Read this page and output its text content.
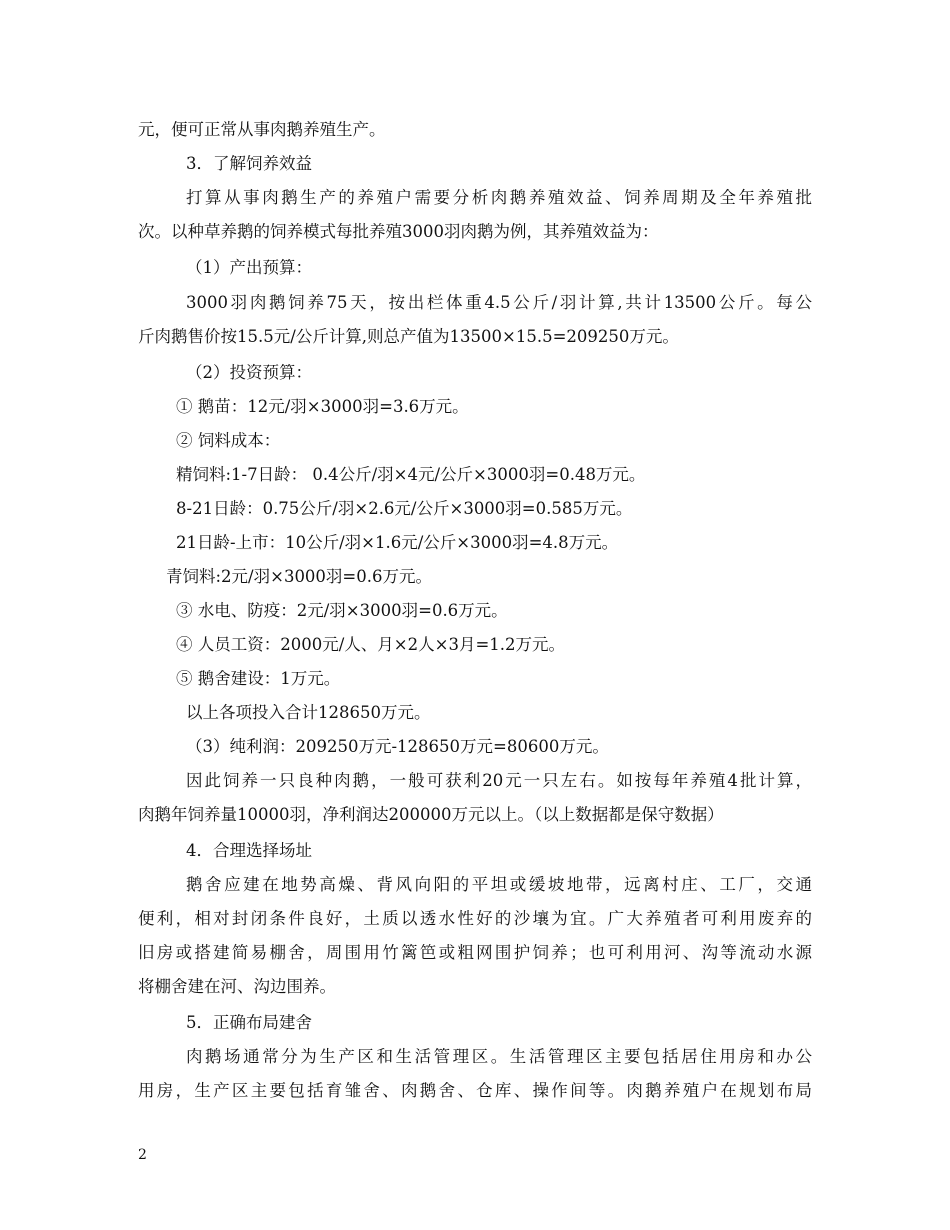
元，便可正常从事肉鹅养殖生产。
3．了解饲养效益
打算从事肉鹅生产的养殖户需要分析肉鹅养殖效益、饲养周期及全年养殖批
次。以种草养鹅的饲养模式每批养殖3000羽肉鹅为例，其养殖效益为：
（1）产出预算：
3000羽肉鹅饲养75天，按出栏体重4.5公斤/羽计算,共计13500公斤。每公
斤肉鹅售价按15.5元/公斤计算,则总产值为13500×15.5=209250万元。
（2）投资预算：
① 鹅苗：12元/羽×3000羽=3.6万元。
② 饲料成本：
精饲料:1-7日龄： 0.4公斤/羽×4元/公斤×3000羽=0.48万元。
8-21日龄：0.75公斤/羽×2.6元/公斤×3000羽=0.585万元。
21日龄-上市：10公斤/羽×1.6元/公斤×3000羽=4.8万元。
青饲料:2元/羽×3000羽=0.6万元。
③ 水电、防疫：2元/羽×3000羽=0.6万元。
④ 人员工资：2000元/人、月×2人×3月=1.2万元。
⑤ 鹅舍建设：1万元。
以上各项投入合计128650万元。
（3）纯利润：209250万元-128650万元=80600万元。
因此饲养一只良种肉鹅，一般可获利20元一只左右。如按每年养殖4批计算，
肉鹅年饲养量10000羽，净利润达200000万元以上。（以上数据都是保守数据）
4．合理选择场址
鹅舍应建在地势高燥、背风向阳的平坦或缓坡地带，远离村庄、工厂，交通
便利，相对封闭条件良好，土质以透水性好的沙壤为宜。广大养殖者可利用废弃的
旧房或搭建简易棚舍，周围用竹篱笆或粗网围护饲养；也可利用河、沟等流动水源
将棚舍建在河、沟边围养。
5．正确布局建舍
肉鹅场通常分为生产区和生活管理区。生活管理区主要包括居住用房和办公
用房，生产区主要包括育雏舍、肉鹅舍、仓库、操作间等。肉鹅养殖户在规划布局
2
